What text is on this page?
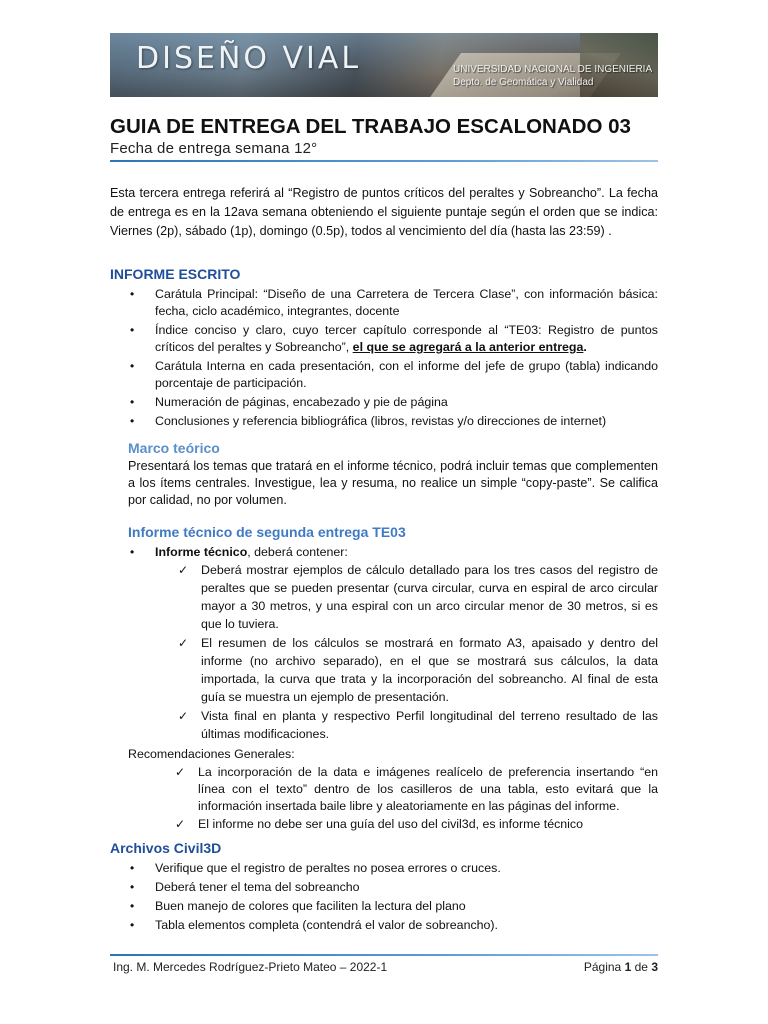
DISEÑO VIAL	UNIVERSIDAD NACIONAL DE INGENIERIA
Depto. de Geomática y Vialidad
GUIA DE ENTREGA DEL TRABAJO ESCALONADO 03
Fecha de entrega semana 12°

Esta tercera entrega referirá al “Registro de puntos críticos del peraltes y Sobreancho”. La fecha de entrega es en la 12ava semana obteniendo el siguiente puntaje según el orden que se indica: Viernes (2p), sábado (1p), domingo (0.5p), todos al vencimiento del día (hasta las 23:59) .

INFORME ESCRITO
• Carátula Principal: “Diseño de una Carretera de Tercera Clase”, con información básica: fecha, ciclo académico, integrantes, docente
• Índice conciso y claro, cuyo tercer capítulo corresponde al “TE03: Registro de puntos críticos del peraltes y Sobreancho”, el que se agregará a la anterior entrega.
• Carátula Interna en cada presentación, con el informe del jefe de grupo (tabla) indicando porcentaje de participación.
• Numeración de páginas, encabezado y pie de página
• Conclusiones y referencia bibliográfica (libros, revistas y/o direcciones de internet)
Marco teórico

Presentará los temas que tratará en el informe técnico, podrá incluir temas que complementen a los ítems centrales. Investigue, lea y resuma, no realice un simple “copy-paste”. Se califica por calidad, no por volumen.

Informe técnico de segunda entrega TE03
• Informe técnico, deberá contener:
✓ Deberá mostrar ejemplos de cálculo detallado para los tres casos del registro de peraltes que se pueden presentar (curva circular, curva en espiral de arco circular mayor a 30 metros, y una espiral con un arco circular menor de 30 metros, si es que lo tuviera.
✓ El resumen de los cálculos se mostrará en formato A3, apaisado y dentro del informe (no archivo separado), en el que se mostrará sus cálculos, la data importada, la curva que trata y la incorporación del sobreancho. Al final de esta guía se muestra un ejemplo de presentación.
✓ Vista final en planta y respectivo Perfil longitudinal del terreno resultado de las últimas modificaciones.
Recomendaciones Generales:
✓ La incorporación de la data e imágenes realícelo de preferencia insertando “en línea con el texto” dentro de los casilleros de una tabla, esto evitará que la información insertada baile libre y aleatoriamente en las páginas del informe.
✓ El informe no debe ser una guía del uso del civil3d, es informe técnico
Archivos Civil3D
• Verifique que el registro de peraltes no posea errores o cruces.
• Deberá tener el tema del sobreancho
• Buen manejo de colores que faciliten la lectura del plano
• Tabla elementos completa (contendrá el valor de sobreancho).
Ing. M. Mercedes Rodríguez-Prieto Mateo – 2022-1	Página 1 de 3
